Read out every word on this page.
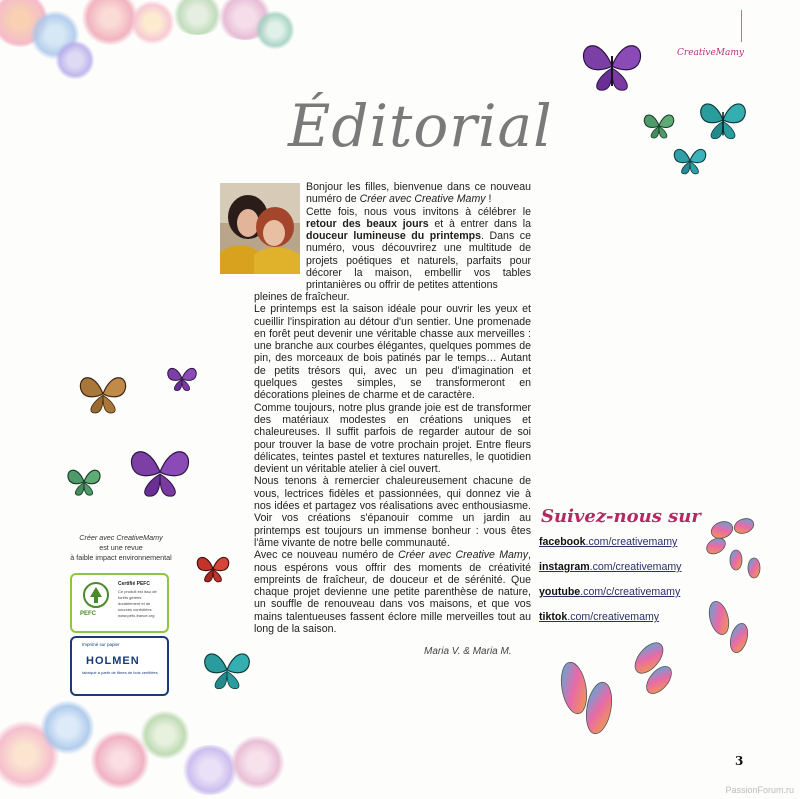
CreativeMamy
Éditorial
Bonjour les filles, bienvenue dans ce nouveau numéro de Créer avec Creative Mamy !
Cette fois, nous vous invitons à célébrer le retour des beaux jours et à entrer dans la douceur lumineuse du printemps. Dans ce numéro, vous découvrirez une multitude de projets poétiques et naturels, parfaits pour décorer la maison, embellir vos tables printanières ou offrir de petites attentions

pleines de fraîcheur.

Le printemps est la saison idéale pour ouvrir les yeux et cueillir l'inspiration au détour d'un sentier. Une promenade en forêt peut devenir une véritable chasse aux merveilles : une branche aux courbes élégantes, quelques pommes de pin, des morceaux de bois patinés par le temps… Autant de petits trésors qui, avec un peu d'imagination et quelques gestes simples, se transformeront en décorations pleines de charme et de caractère.

Comme toujours, notre plus grande joie est de transformer des matériaux modestes en créations uniques et chaleureuses. Il suffit parfois de regarder autour de soi pour trouver la base de votre prochain projet. Entre fleurs délicates, teintes pastel et textures naturelles, le quotidien devient un véritable atelier à ciel ouvert.

Nous tenons à remercier chaleureusement chacune de vous, lectrices fidèles et passionnées, qui donnez vie à nos idées et partagez vos réalisations avec enthousiasme. Voir vos créations s'épanouir comme un jardin au printemps est toujours un immense bonheur : vous êtes l'âme vivante de notre belle communauté.

Avec ce nouveau numéro de Créer avec Creative Mamy, nous espérons vous offrir des moments de créativité empreints de fraîcheur, de douceur et de sérénité. Que chaque projet devienne une petite parenthèse de nature, un souffle de renouveau dans vos maisons, et que vos mains talentueuses fassent éclore mille merveilles tout au long de la saison.

Maria V. & Maria M.
Suivez-nous sur
facebook.com/creativemamy
instagram.com/creativemamy
youtube.com/c/creativemamy
tiktok.com/creativemamy
Créer avec CreativeMamy
est une revue
à faible impact environnemental
PEFC
Certifié PEFC
Ce produit est issu de forêts gérées durablement et de sources contrôlées
www.pefc-france.org
Imprimé sur papier
HOLMEN
fabriqué à partir de fibres de bois certifiées
3
PassionForum.ru
